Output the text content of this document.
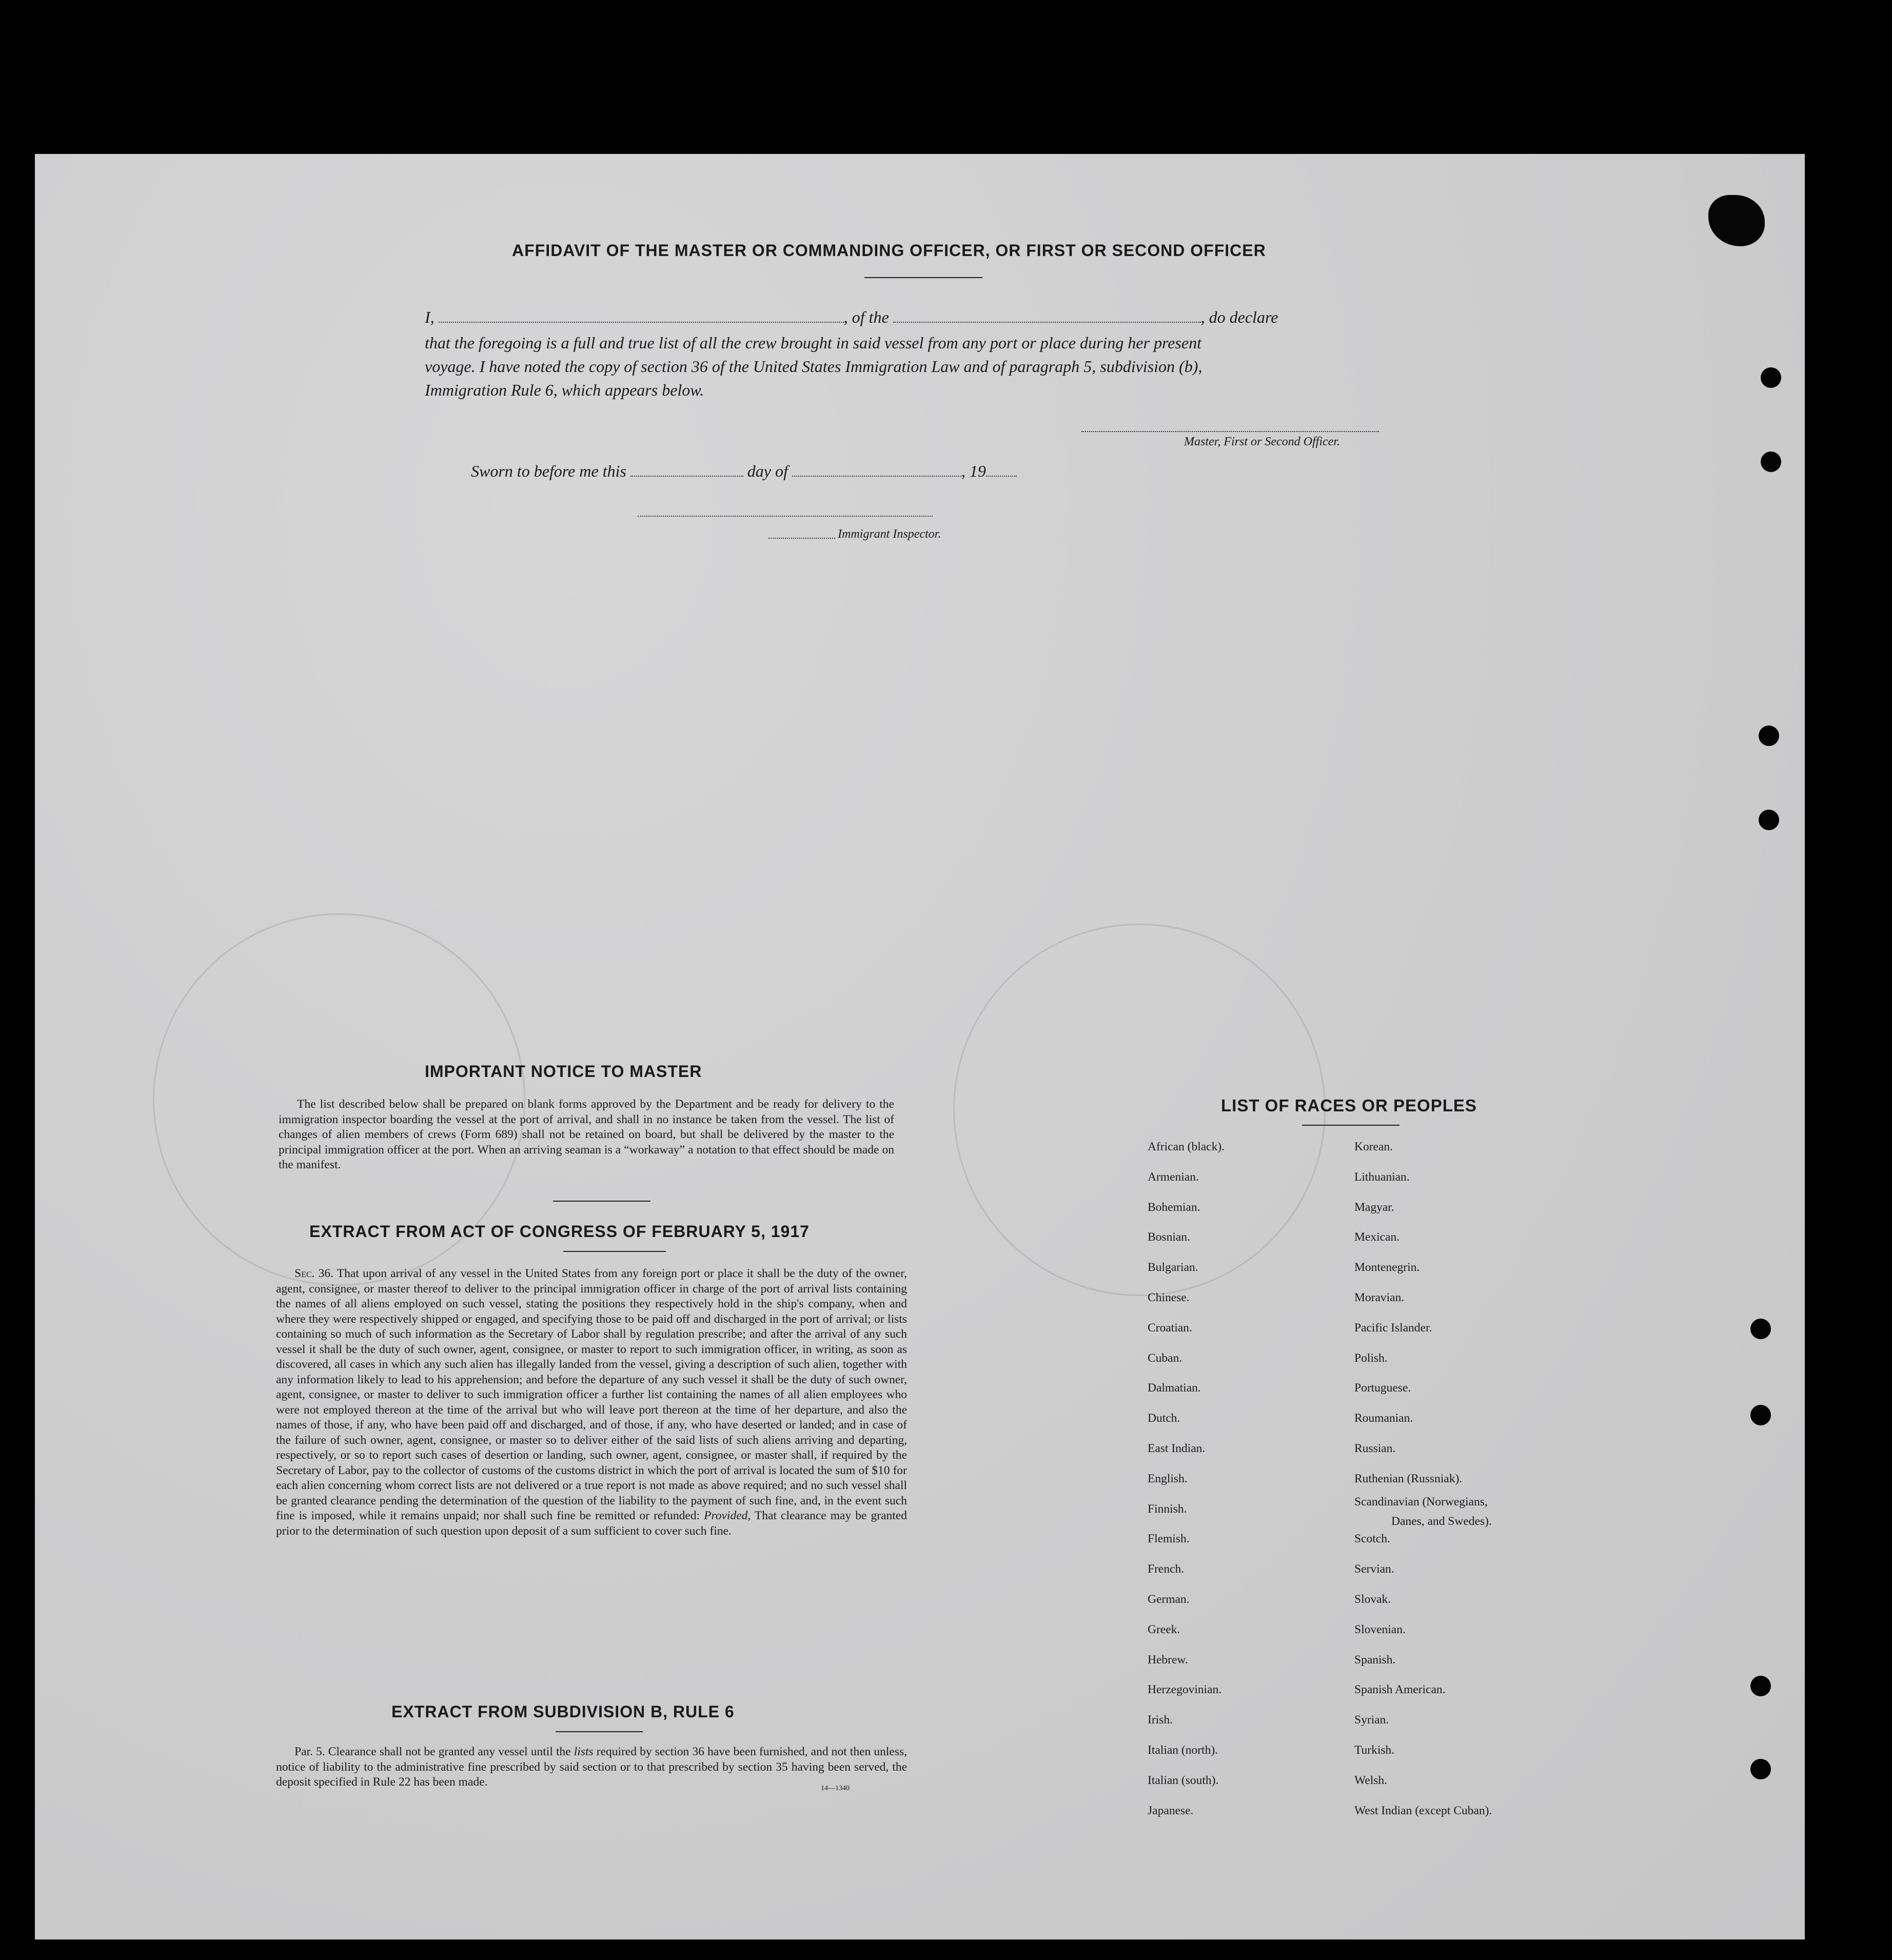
AFFIDAVIT OF THE MASTER OR COMMANDING OFFICER, OR FIRST OR SECOND OFFICER
I,	, of the	, do declare
that the foregoing is a full and true list of all the crew brought in said vessel from any port or place during her present
voyage. I have noted the copy of section 36 of the United States Immigration Law and of paragraph 5, subdivision (b),
Immigration Rule 6, which appears below.
Master, First or Second Officer.
Sworn to before me this	day of	, 19
Immigrant Inspector.
IMPORTANT NOTICE TO MASTER

The list described below shall be prepared on blank forms approved by the Department and be ready for delivery to the immigration inspector boarding the vessel at the port of arrival, and shall in no instance be taken from the vessel. The list of changes of alien members of crews (Form 689) shall not be retained on board, but shall be delivered by the master to the principal immigration officer at the port. When an arriving seaman is a “workaway” a notation to that effect should be made on the manifest.

EXTRACT FROM ACT OF CONGRESS OF FEBRUARY 5, 1917

Sec. 36. That upon arrival of any vessel in the United States from any foreign port or place it shall be the duty of the owner, agent, consignee, or master thereof to deliver to the principal immigration officer in charge of the port of arrival lists containing the names of all aliens employed on such vessel, stating the positions they respectively hold in the ship's company, when and where they were respectively shipped or engaged, and specifying those to be paid off and discharged in the port of arrival; or lists containing so much of such information as the Secretary of Labor shall by regulation prescribe; and after the arrival of any such vessel it shall be the duty of such owner, agent, consignee, or master to report to such immigration officer, in writing, as soon as discovered, all cases in which any such alien has illegally landed from the vessel, giving a description of such alien, together with any information likely to lead to his apprehension; and before the departure of any such vessel it shall be the duty of such owner, agent, consignee, or master to deliver to such immigration officer a further list containing the names of all alien employees who were not employed thereon at the time of the arrival but who will leave port thereon at the time of her departure, and also the names of those, if any, who have been paid off and discharged, and of those, if any, who have deserted or landed; and in case of the failure of such owner, agent, consignee, or master so to deliver either of the said lists of such aliens arriving and departing, respectively, or so to report such cases of desertion or landing, such owner, agent, consignee, or master shall, if required by the Secretary of Labor, pay to the collector of customs of the customs district in which the port of arrival is located the sum of $10 for each alien concerning whom correct lists are not delivered or a true report is not made as above required; and no such vessel shall be granted clearance pending the determination of the question of the liability to the payment of such fine, and, in the event such fine is imposed, while it remains unpaid; nor shall such fine be remitted or refunded: Provided, That clearance may be granted prior to the determination of such question upon deposit of a sum sufficient to cover such fine.

EXTRACT FROM SUBDIVISION B, RULE 6

Par. 5. Clearance shall not be granted any vessel until the lists required by section 36 have been furnished, and not then unless, notice of liability to the administrative fine prescribed by said section or to that prescribed by section 35 having been served, the deposit specified in Rule 22 has been made.	14—1340
LIST OF RACES OR PEOPLES
African (black).
Armenian.
Bohemian.
Bosnian.
Bulgarian.
Chinese.
Croatian.
Cuban.
Dalmatian.
Dutch.
East Indian.
English.
Finnish.
Flemish.
French.
German.
Greek.
Hebrew.
Herzegovinian.
Irish.
Italian (north).
Italian (south).
Japanese.
Korean.
Lithuanian.
Magyar.
Mexican.
Montenegrin.
Moravian.
Pacific Islander.
Polish.
Portuguese.
Roumanian.
Russian.
Ruthenian (Russniak).
Scandinavian (Norwegians,
Danes, and Swedes).
Scotch.
Servian.
Slovak.
Slovenian.
Spanish.
Spanish American.
Syrian.
Turkish.
Welsh.
West Indian (except Cuban).
